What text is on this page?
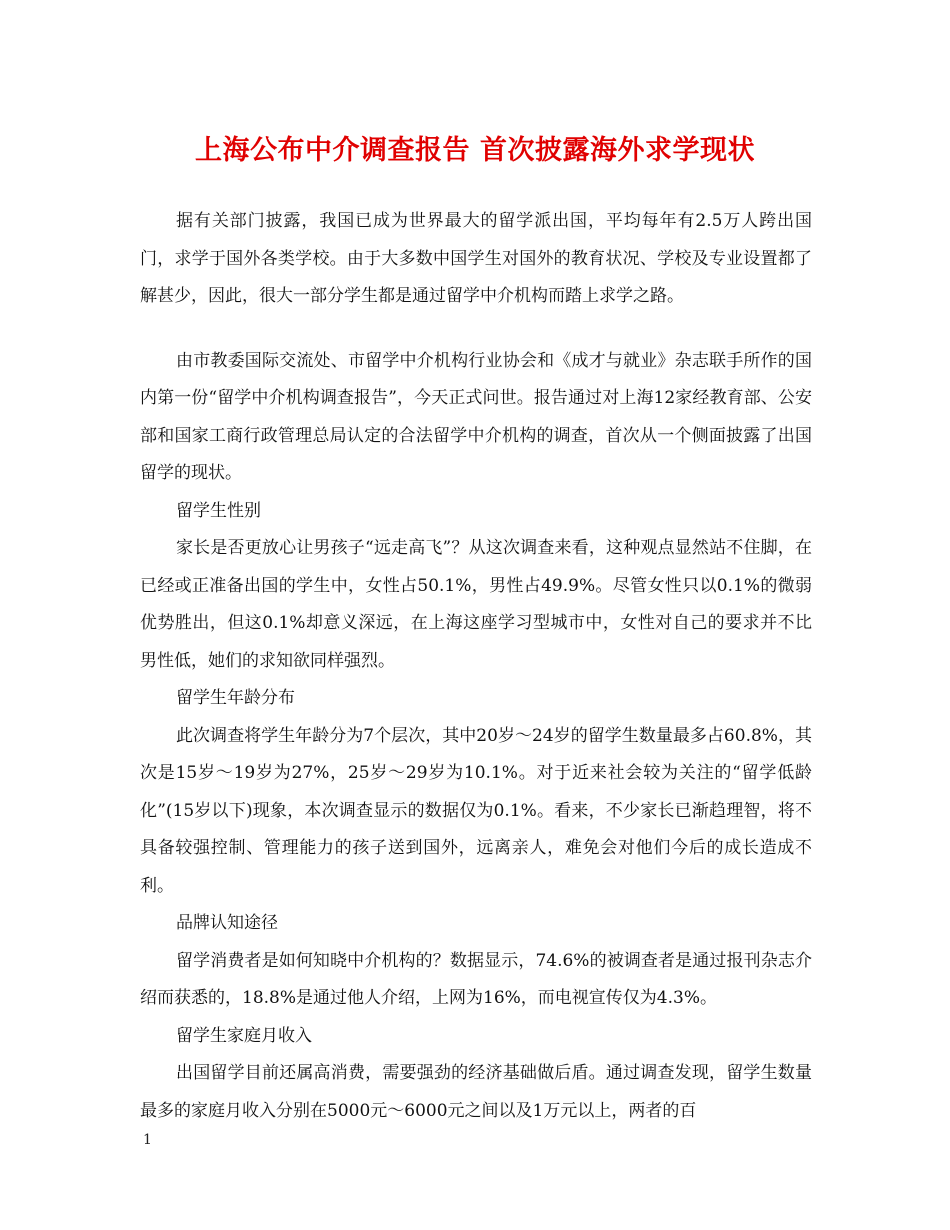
上海公布中介调查报告 首次披露海外求学现状

据有关部门披露，我国已成为世界最大的留学派出国，平均每年有2.5万人跨出国门，求学于国外各类学校。由于大多数中国学生对国外的教育状况、学校及专业设置都了解甚少，因此，很大一部分学生都是通过留学中介机构而踏上求学之路。

由市教委国际交流处、市留学中介机构行业协会和《成才与就业》杂志联手所作的国内第一份“留学中介机构调查报告”，今天正式问世。报告通过对上海12家经教育部、公安部和国家工商行政管理总局认定的合法留学中介机构的调查，首次从一个侧面披露了出国留学的现状。

留学生性别

家长是否更放心让男孩子“远走高飞”？从这次调查来看，这种观点显然站不住脚，在已经或正准备出国的学生中，女性占50.1%，男性占49.9%。尽管女性只以0.1%的微弱优势胜出，但这0.1%却意义深远，在上海这座学习型城市中，女性对自己的要求并不比男性低，她们的求知欲同样强烈。

留学生年龄分布

此次调查将学生年龄分为7个层次，其中20岁～24岁的留学生数量最多占60.8%，其次是15岁～19岁为27%，25岁～29岁为10.1%。对于近来社会较为关注的“留学低龄化”(15岁以下)现象，本次调查显示的数据仅为0.1%。看来，不少家长已渐趋理智，将不具备较强控制、管理能力的孩子送到国外，远离亲人，难免会对他们今后的成长造成不利。

品牌认知途径

留学消费者是如何知晓中介机构的？数据显示，74.6%的被调查者是通过报刊杂志介绍而获悉的，18.8%是通过他人介绍，上网为16%，而电视宣传仅为4.3%。

留学生家庭月收入

出国留学目前还属高消费，需要强劲的经济基础做后盾。通过调查发现，留学生数量最多的家庭月收入分别在5000元～6000元之间以及1万元以上，两者的百

1
